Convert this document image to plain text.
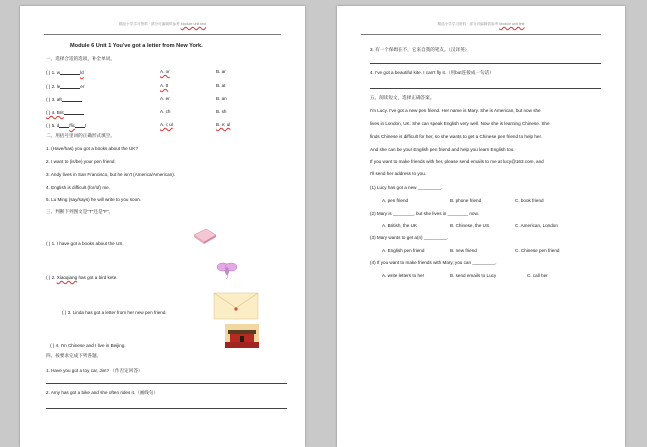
精品小学学习资料 · 部分可编辑供参考 Module unit test
Module 6 Unit 1 You've got a letter from New York.
一、选择合适的选项，补全单词。
( ) 1. w	ld	A. or	B. ar
( ) 2. le	er	A. tt	B. at
( ) 3. aft	A. er	B. an
( ) 4. Brit	A. ch	B. sh
( ) 5. d ffic t	A. i; ul	B. e; ul
二、用括号里词的正确形式填空。
1. (Have/has) you got a books about the UK?
2. I want to (is/be) your pen friend.
3. Andy lives in San Francisco, but he isn't (America/American).
4. English is difficult (for/of) me.
5. Lu Ming (say/says) he will write to you soon.
三、判断下列图文是"T"还是"F"。
( ) 1. I have got a books about the US.
( ) 2. Xiaoqiang has got a bird kete.
( ) 3. Linda has got a letter from her new pen friend.
( ) 4. I'm Chinese and I live in Beijing.
四、按要求完成下列各题。
1. Have you got a toy car, Jim? （作否定回答）
2. Amy has got a bike and she often rides it.（画线句）
精品小学学习资料 · 部分可编辑供参考 Module unit test
3. 有一个保姆在不，它来自我的笔友。（汉译英）
4. I've got a beautiful kite. I can't fly it.（用but连接成一句话）
五、阅读短文，选择正确答案。
I'm Lucy. I've got a new pen friend. Her name is Mary. She is American, but now she
lives in London, UK. She can speak English very well. Now she is learning Chinese. She
finds Chinese is difficult for her, so she wants to get a Chinese pen friend to help her.
And she can be your English pen friend and help you learn English too.
If you want to make friends with her, please send emails to me at lucy@163.com, and
I'll send her address to you.
(1) Lucy has got a new _________.
A. pen friend	B. phone friend	C. book friend
(2) Mary is ________, but she lives in ________ now.
A. British, the UK	B. Chinese, the US	C. American, London
(3) Mary wants to get a(n) _________.
A. English pen friend	B. new friend	C. Chinese pen friend
(4) If you want to make friends with Mary, you can _________.
A. write letters to her	B. send emails to Lucy	C. call her
